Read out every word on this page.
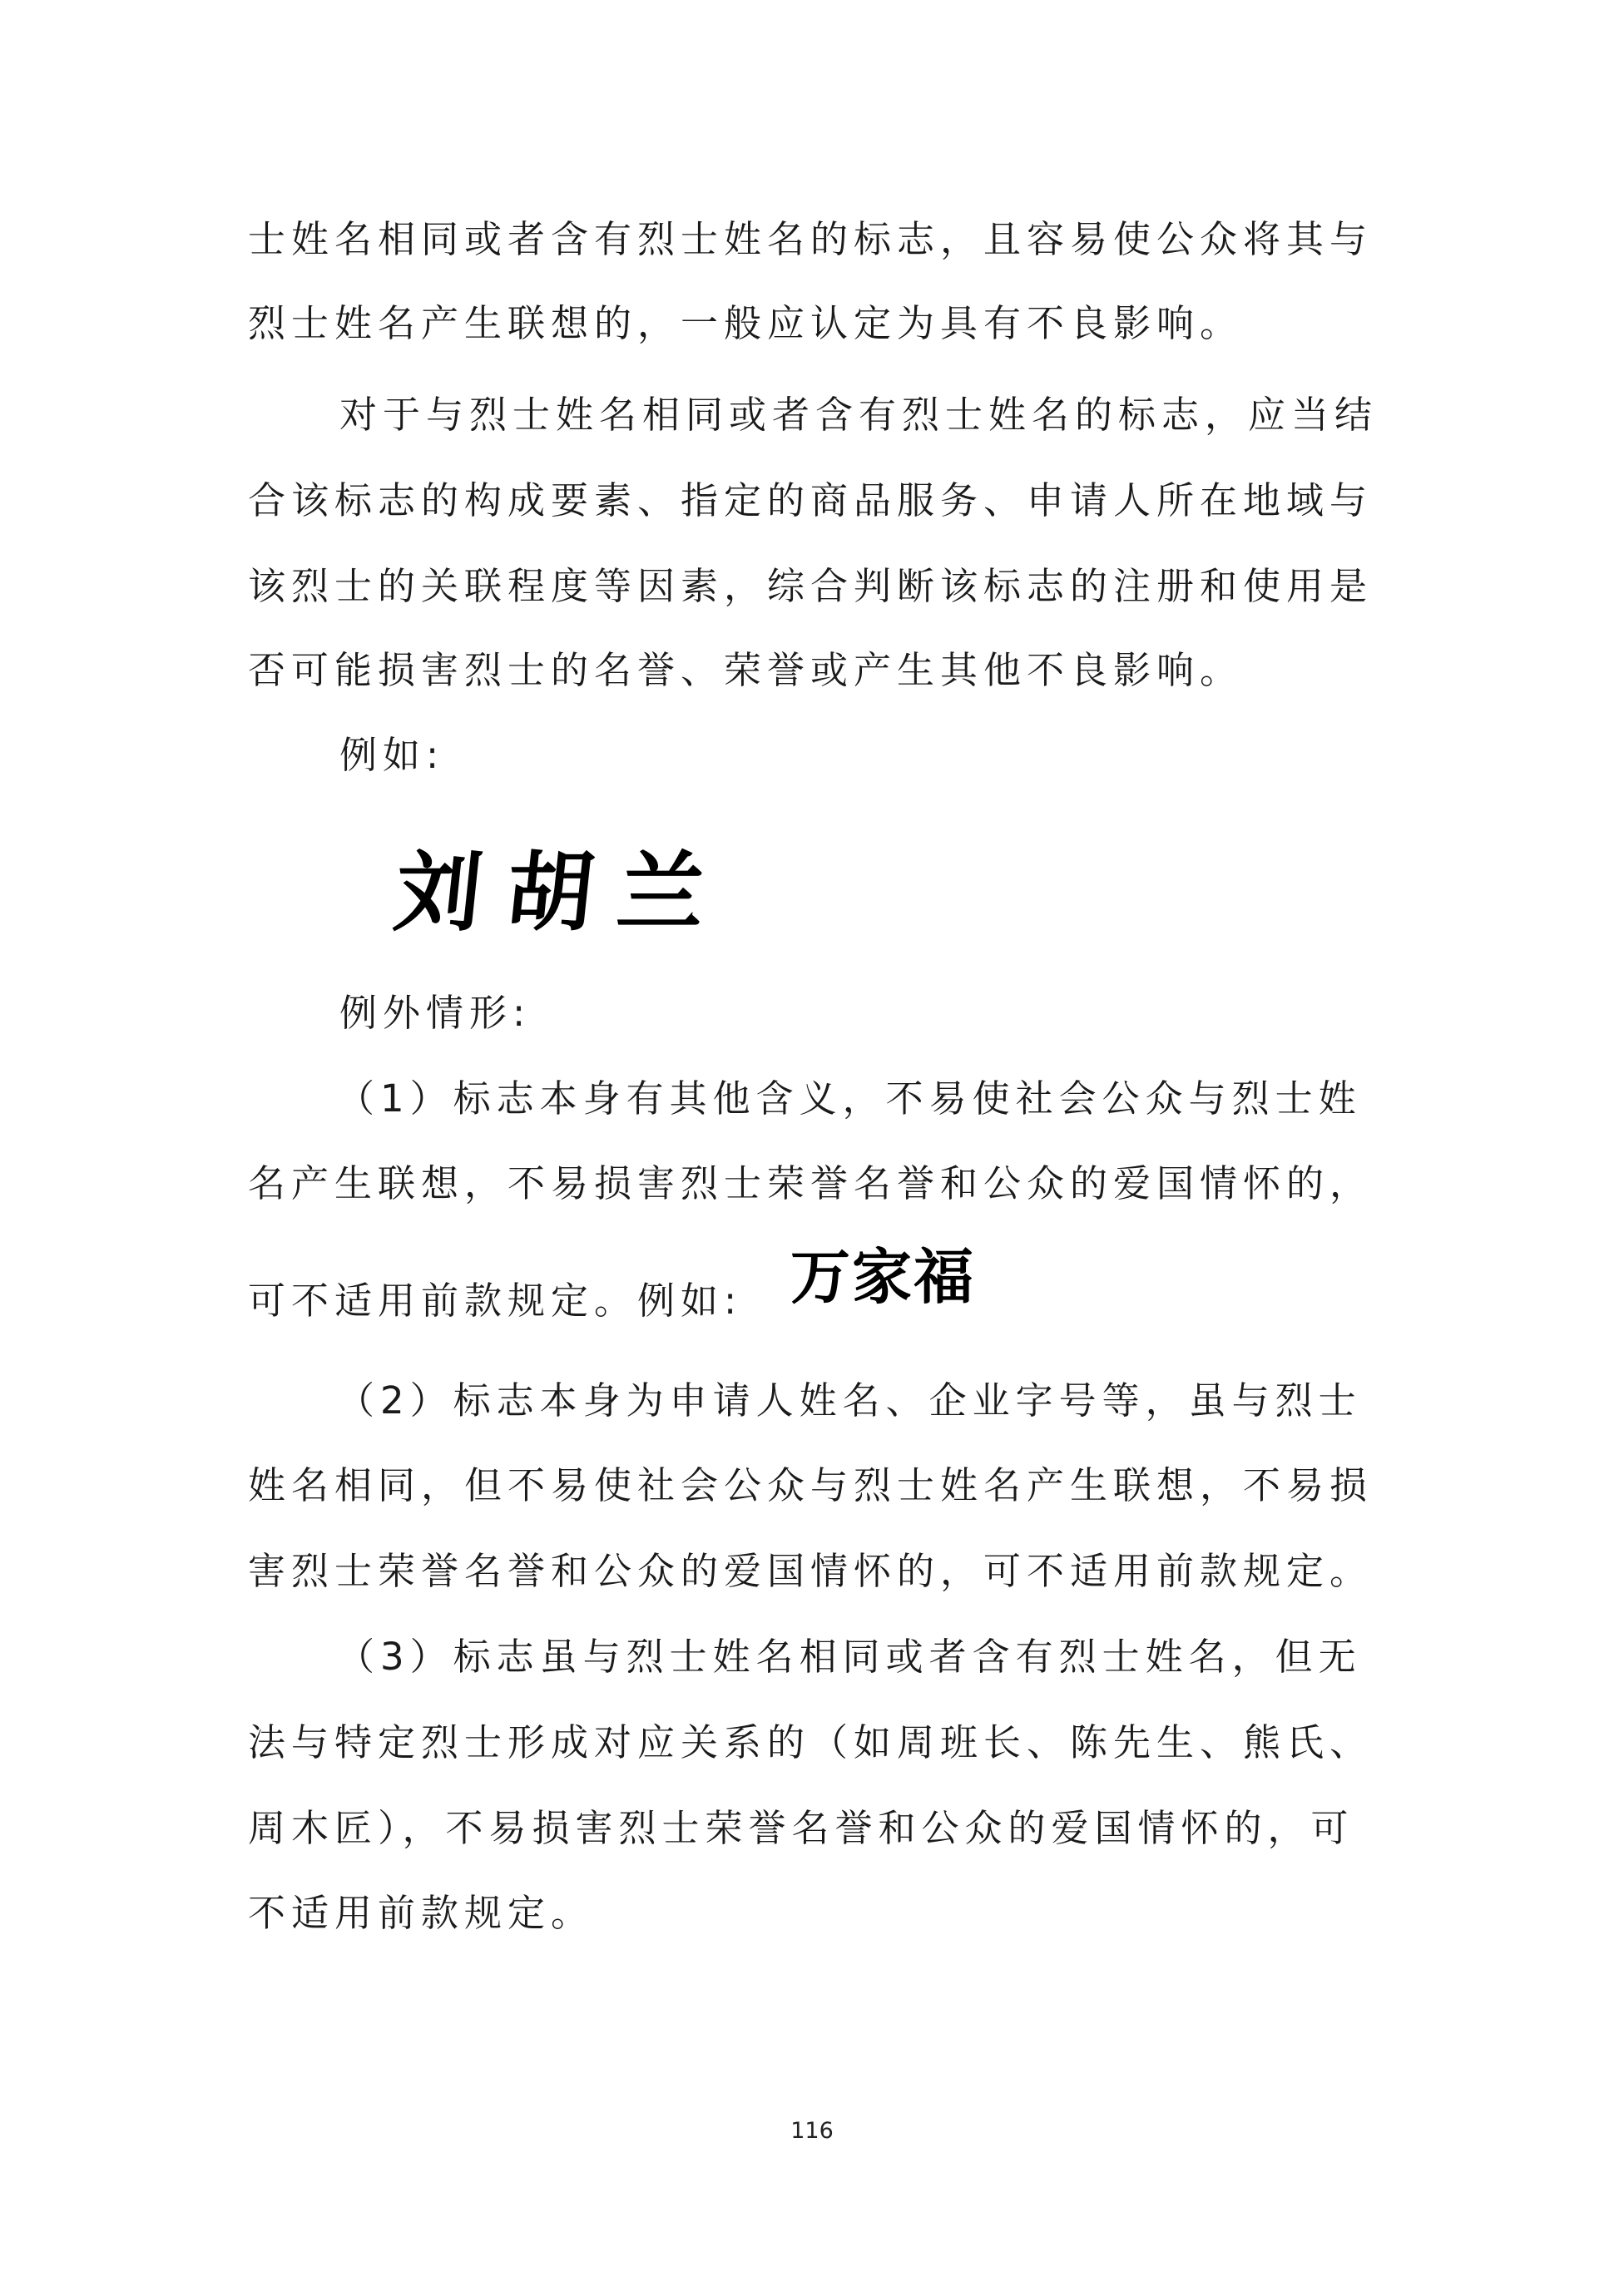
士姓名相同或者含有烈士姓名的标志，且容易使公众将其与
烈士姓名产生联想的，一般应认定为具有不良影响。
对于与烈士姓名相同或者含有烈士姓名的标志，应当结
合该标志的构成要素、指定的商品服务、申请人所在地域与
该烈士的关联程度等因素，综合判断该标志的注册和使用是
否可能损害烈士的名誉、荣誉或产生其他不良影响。
例如:
刘胡兰
例外情形:
（1）标志本身有其他含义，不易使社会公众与烈士姓
名产生联想，不易损害烈士荣誉名誉和公众的爱国情怀的，
可不适用前款规定。例如: 万家福
（2）标志本身为申请人姓名、企业字号等，虽与烈士
姓名相同，但不易使社会公众与烈士姓名产生联想，不易损
害烈士荣誉名誉和公众的爱国情怀的，可不适用前款规定。
（3）标志虽与烈士姓名相同或者含有烈士姓名，但无
法与特定烈士形成对应关系的（如周班长、陈先生、熊氏、
周木匠），不易损害烈士荣誉名誉和公众的爱国情怀的，可
不适用前款规定。
116
